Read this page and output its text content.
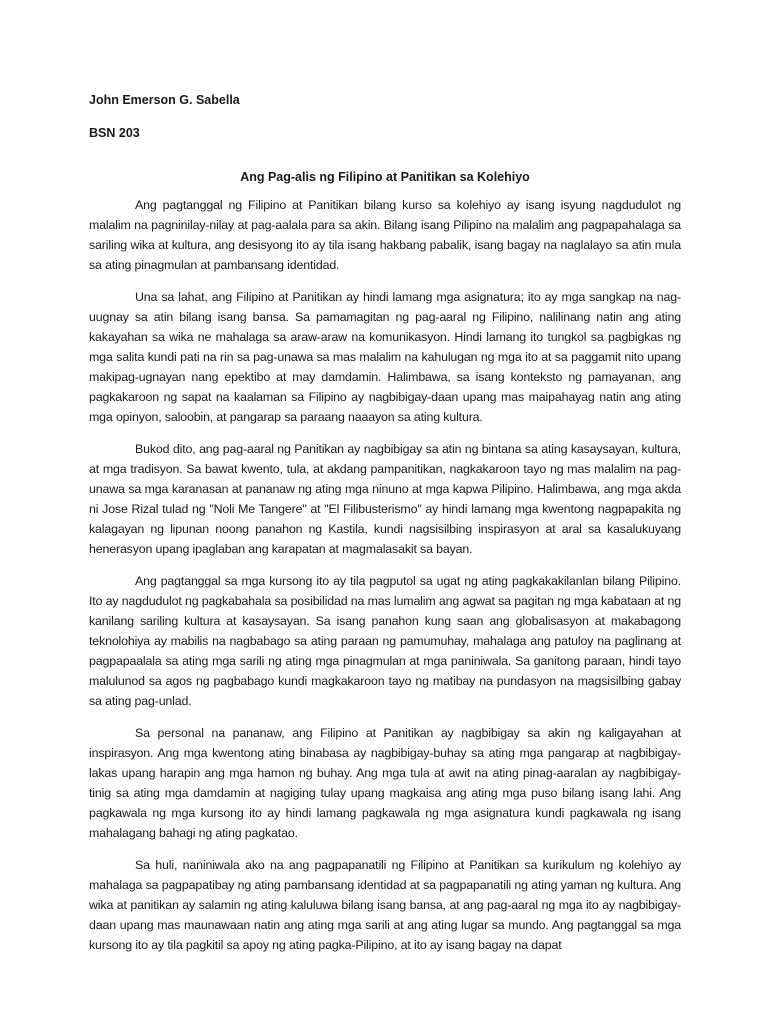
John Emerson G. Sabella
BSN 203
Ang Pag-alis ng Filipino at Panitikan sa Kolehiyo

Ang pagtanggal ng Filipino at Panitikan bilang kurso sa kolehiyo ay isang isyung nagdudulot ng malalim na pagninilay-nilay at pag-aalala para sa akin. Bilang isang Pilipino na malalim ang pagpapahalaga sa sariling wika at kultura, ang desisyong ito ay tila isang hakbang pabalik, isang bagay na naglalayo sa atin mula sa ating pinagmulan at pambansang identidad.

Una sa lahat, ang Filipino at Panitikan ay hindi lamang mga asignatura; ito ay mga sangkap na nag-uugnay sa atin bilang isang bansa. Sa pamamagitan ng pag-aaral ng Filipino, nalilinang natin ang ating kakayahan sa wika ne mahalaga sa araw-araw na komunikasyon. Hindi lamang ito tungkol sa pagbigkas ng mga salita kundi pati na rin sa pag-unawa sa mas malalim na kahulugan ng mga ito at sa paggamit nito upang makipag-ugnayan nang epektibo at may damdamin. Halimbawa, sa isang konteksto ng pamayanan, ang pagkakaroon ng sapat na kaalaman sa Filipino ay nagbibigay-daan upang mas maipahayag natin ang ating mga opinyon, saloobin, at pangarap sa paraang naaayon sa ating kultura.

Bukod dito, ang pag-aaral ng Panitikan ay nagbibigay sa atin ng bintana sa ating kasaysayan, kultura, at mga tradisyon. Sa bawat kwento, tula, at akdang pampanitikan, nagkakaroon tayo ng mas malalim na pag-unawa sa mga karanasan at pananaw ng ating mga ninuno at mga kapwa Pilipino. Halimbawa, ang mga akda ni Jose Rizal tulad ng "Noli Me Tangere" at "El Filibusterismo" ay hindi lamang mga kwentong nagpapakita ng kalagayan ng lipunan noong panahon ng Kastila, kundi nagsisilbing inspirasyon at aral sa kasalukuyang henerasyon upang ipaglaban ang karapatan at magmalasakit sa bayan.

Ang pagtanggal sa mga kursong ito ay tila pagputol sa ugat ng ating pagkakakilanlan bilang Pilipino. Ito ay nagdudulot ng pagkabahala sa posibilidad na mas lumalim ang agwat sa pagitan ng mga kabataan at ng kanilang sariling kultura at kasaysayan. Sa isang panahon kung saan ang globalisasyon at makabagong teknolohiya ay mabilis na nagbabago sa ating paraan ng pamumuhay, mahalaga ang patuloy na paglinang at pagpapaalala sa ating mga sarili ng ating mga pinagmulan at mga paniniwala. Sa ganitong paraan, hindi tayo malulunod sa agos ng pagbabago kundi magkakaroon tayo ng matibay na pundasyon na magsisilbing gabay sa ating pag-unlad.

Sa personal na pananaw, ang Filipino at Panitikan ay nagbibigay sa akin ng kaligayahan at inspirasyon. Ang mga kwentong ating binabasa ay nagbibigay-buhay sa ating mga pangarap at nagbibigay-lakas upang harapin ang mga hamon ng buhay. Ang mga tula at awit na ating pinag-aaralan ay nagbibigay-tinig sa ating mga damdamin at nagiging tulay upang magkaisa ang ating mga puso bilang isang lahi. Ang pagkawala ng mga kursong ito ay hindi lamang pagkawala ng mga asignatura kundi pagkawala ng isang mahalagang bahagi ng ating pagkatao.

Sa huli, naniniwala ako na ang pagpapanatili ng Filipino at Panitikan sa kurikulum ng kolehiyo ay mahalaga sa pagpapatibay ng ating pambansang identidad at sa pagpapanatili ng ating yaman ng kultura. Ang wika at panitikan ay salamin ng ating kaluluwa bilang isang bansa, at ang pag-aaral ng mga ito ay nagbibigay-daan upang mas maunawaan natin ang ating mga sarili at ang ating lugar sa mundo. Ang pagtanggal sa mga kursong ito ay tila pagkitil sa apoy ng ating pagka-Pilipino, at ito ay isang bagay na dapat
